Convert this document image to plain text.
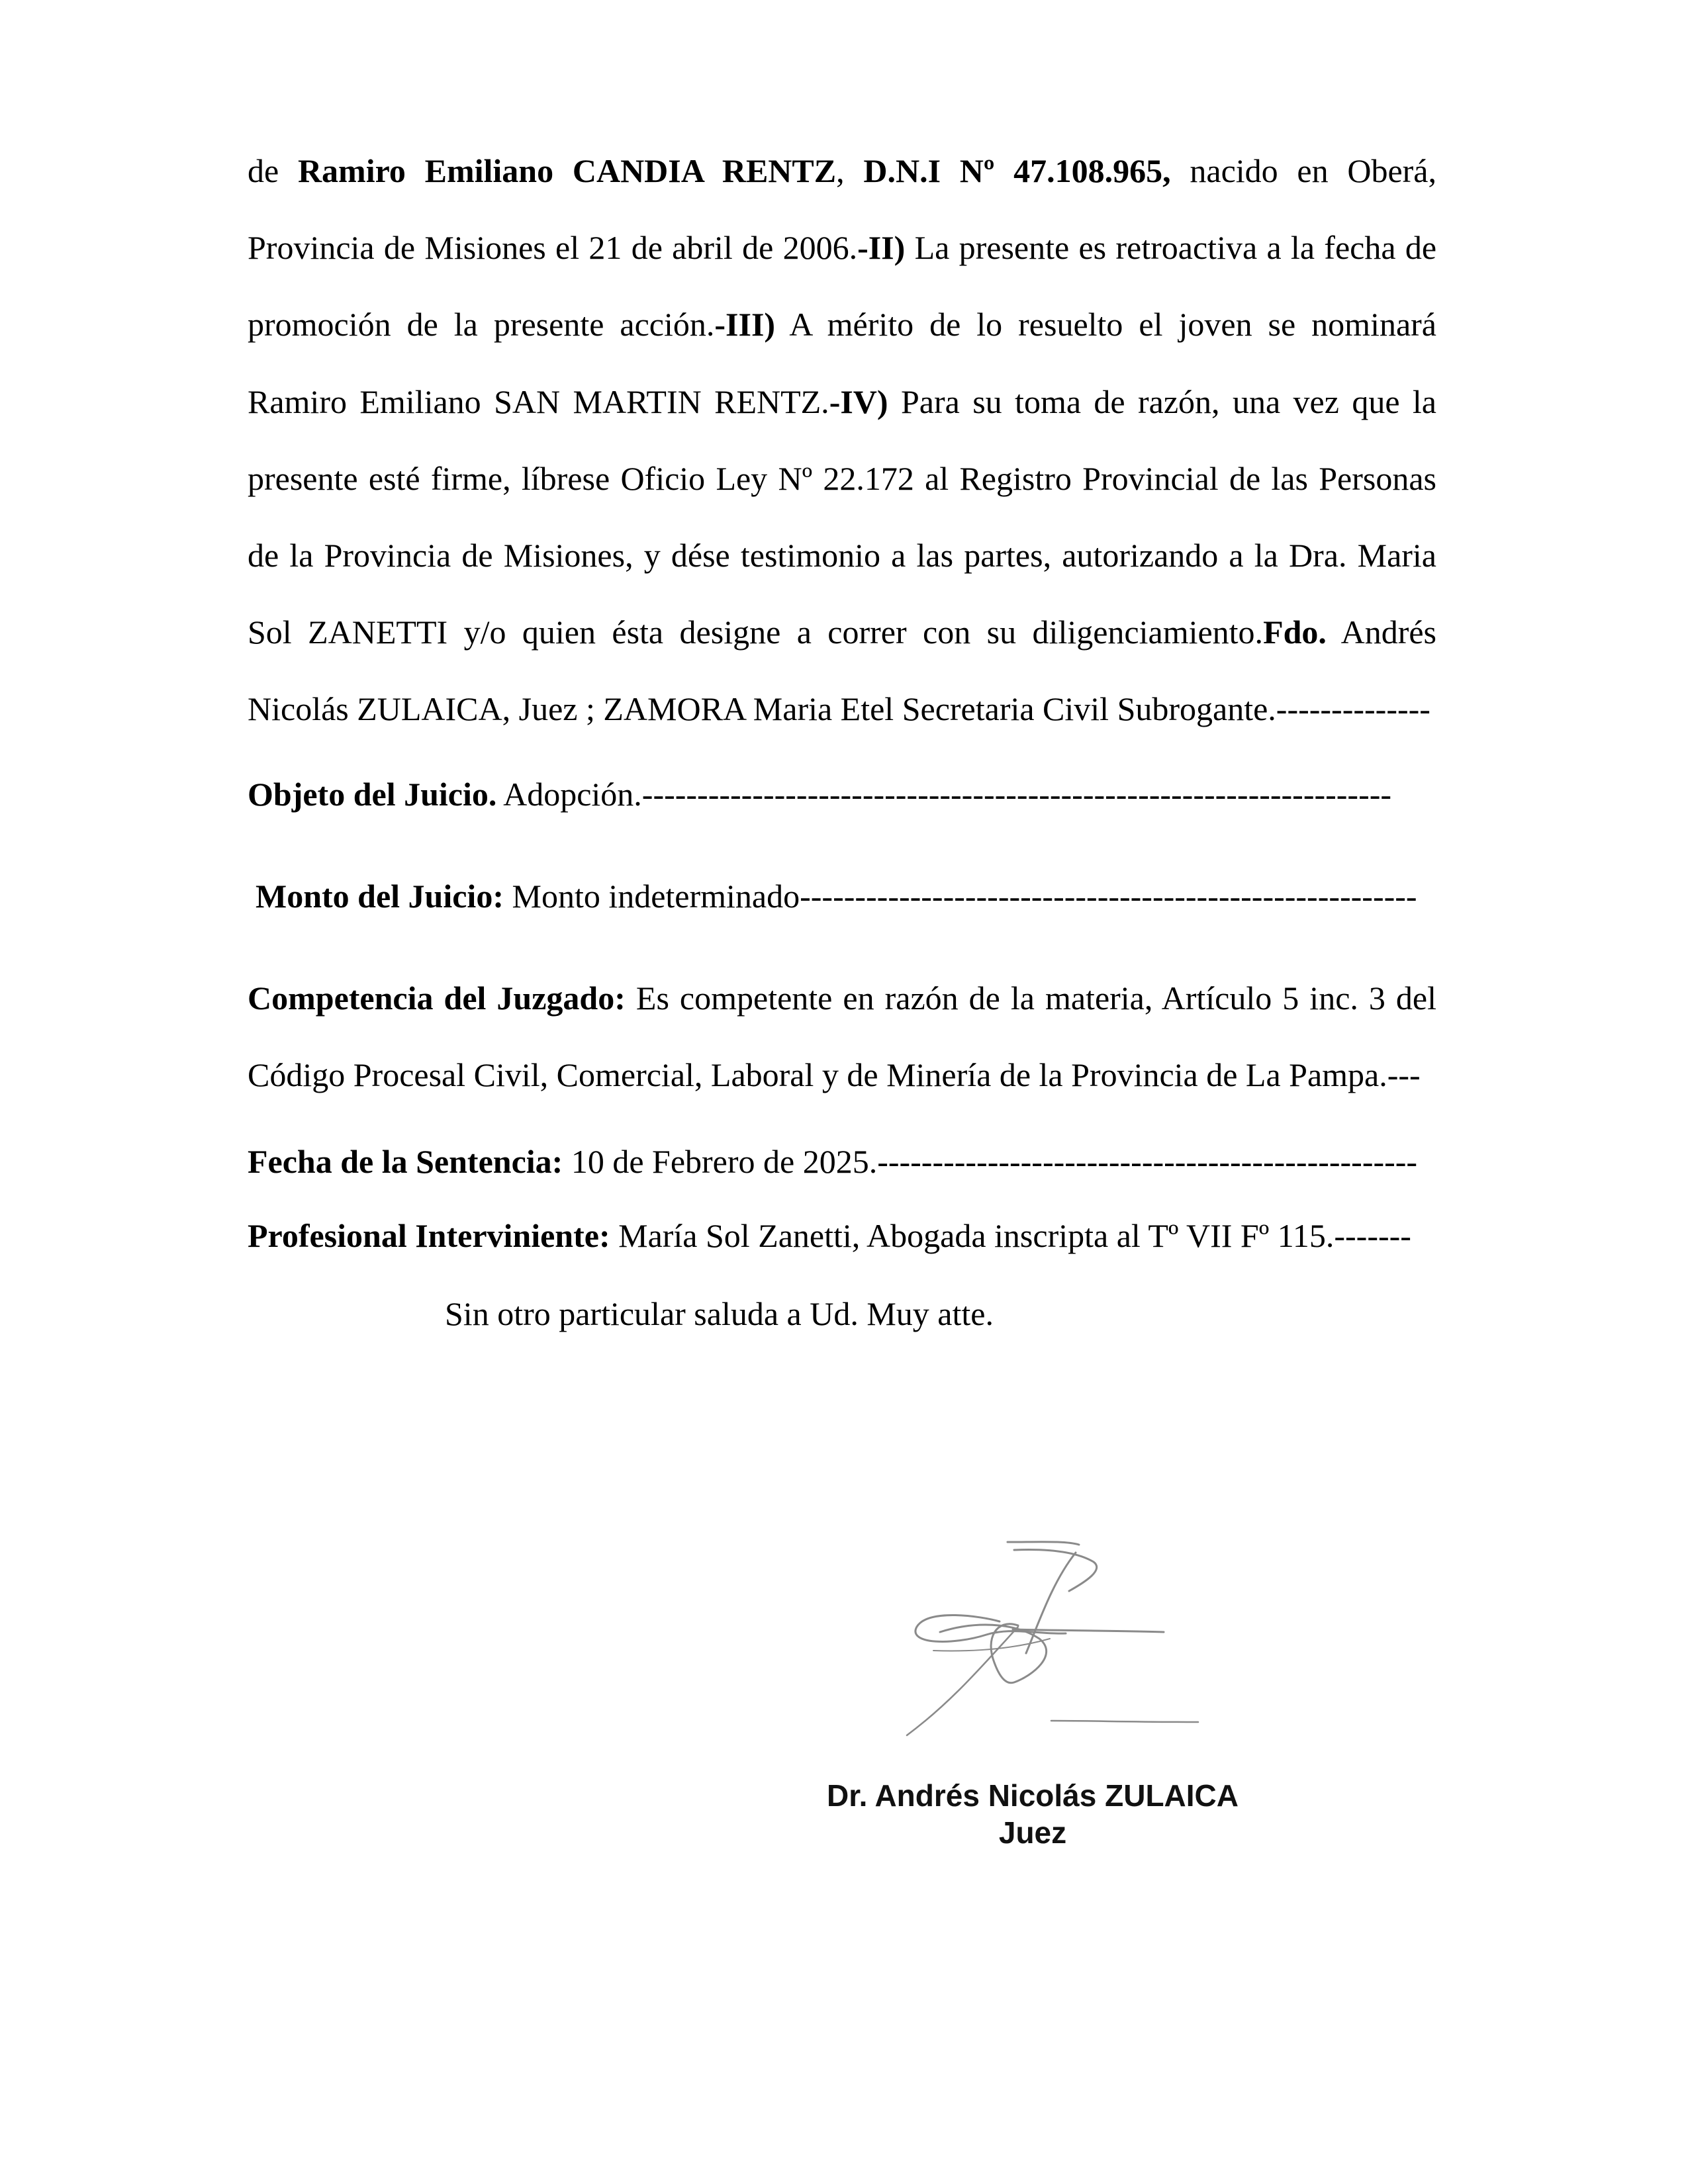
de Ramiro Emiliano CANDIA RENTZ, D.N.I Nº 47.108.965, nacido en Oberá, Provincia de Misiones el 21 de abril de 2006.-II) La presente es retroactiva a la fecha de promoción de la presente acción.-III) A mérito de lo resuelto el joven se nominará Ramiro Emiliano SAN MARTIN RENTZ.-IV) Para su toma de razón, una vez que la presente esté firme, líbrese Oficio Ley Nº 22.172 al Registro Provincial de las Personas de la Provincia de Misiones, y dése testimonio a las partes, autorizando a la Dra. Maria Sol ZANETTI y/o quien ésta designe a correr con su diligenciamiento.Fdo. Andrés Nicolás ZULAICA, Juez ; ZAMORA Maria Etel Secretaria Civil Subrogante.--------------

Objeto del Juicio. Adopción.--------------------------------------------------------------------

Monto del Juicio: Monto indeterminado--------------------------------------------------------

Competencia del Juzgado: Es competente en razón de la materia, Artículo 5 inc. 3 del Código Procesal Civil, Comercial, Laboral y de Minería de la Provincia de La Pampa.---

Fecha de la Sentencia: 10 de Febrero de 2025.-------------------------------------------------

Profesional Interviniente: María Sol Zanetti, Abogada inscripta al Tº VII Fº 115.-------

Sin otro particular saluda a Ud. Muy atte.

Dr. Andrés Nicolás ZULAICA

Juez
